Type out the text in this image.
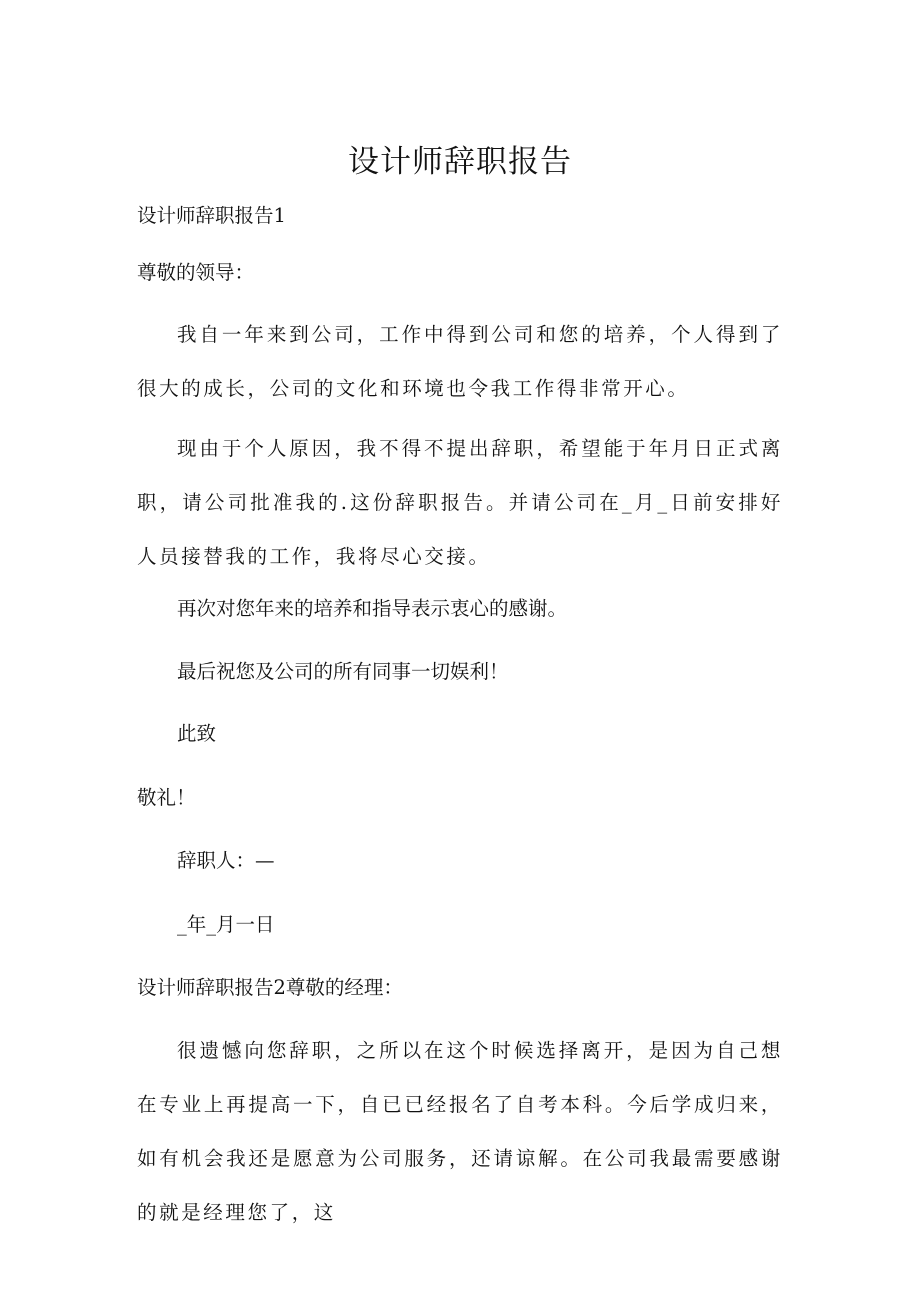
设计师辞职报告
设计师辞职报告1
尊敬的领导：
我自一年来到公司，工作中得到公司和您的培养，个人得到了很大的成长，公司的文化和环境也令我工作得非常开心。
现由于个人原因，我不得不提出辞职，希望能于年月日正式离职，请公司批准我的.这份辞职报告。并请公司在_月_日前安排好人员接替我的工作，我将尽心交接。
再次对您年来的培养和指导表示衷心的感谢。
最后祝您及公司的所有同事一切娱利！
此致
敬礼！
辞职人：—
_年_月一日
设计师辞职报告2尊敬的经理：
很遗憾向您辞职，之所以在这个时候选择离开，是因为自己想在专业上再提高一下，自已已经报名了自考本科。今后学成归来，如有机会我还是愿意为公司服务，还请谅解。在公司我最需要感谢的就是经理您了，这
